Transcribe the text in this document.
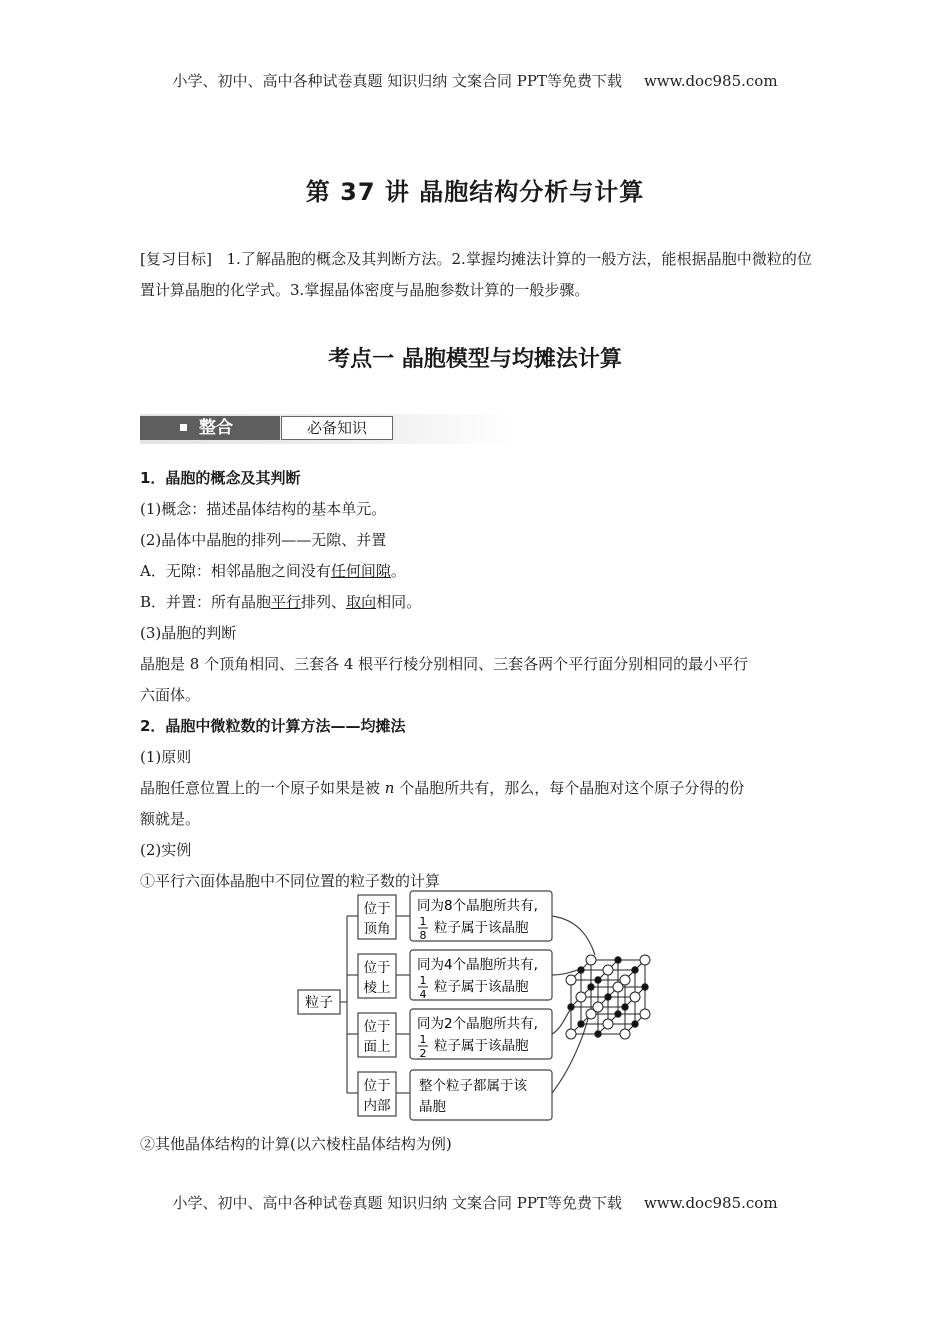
小学、初中、高中各种试卷真题 知识归纳 文案合同 PPT等免费下载 www.doc985.com
第 37 讲 晶胞结构分析与计算
[复习目标] 1.了解晶胞的概念及其判断方法。2.掌握均摊法计算的一般方法，能根据晶胞中微粒的位置计算晶胞的化学式。3.掌握晶体密度与晶胞参数计算的一般步骤。
考点一 晶胞模型与均摊法计算
整合	必备知识
1．晶胞的概念及其判断
(1)概念：描述晶体结构的基本单元。
(2)晶体中晶胞的排列——无隙、并置
A．无隙：相邻晶胞之间没有任何间隙。
B．并置：所有晶胞平行排列、取向相同。
(3)晶胞的判断
晶胞是 8 个顶角相同、三套各 4 根平行棱分别相同、三套各两个平行面分别相同的最小平行
六面体。
2．晶胞中微粒数的计算方法——均摊法
(1)原则
晶胞任意位置上的一个原子如果是被 n 个晶胞所共有，那么，每个晶胞对这个原子分得的份
额就是。
(2)实例
①平行六面体晶胞中不同位置的粒子数的计算
粒子
位于
顶角
位于
棱上
位于
面上
位于
内部
同为8个晶胞所共有,
1
8 粒子属于该晶胞
同为4个晶胞所共有,
1
4 粒子属于该晶胞
同为2个晶胞所共有,
1
2 粒子属于该晶胞
整个粒子都属于该
晶胞
②其他晶体结构的计算(以六棱柱晶体结构为例)
小学、初中、高中各种试卷真题 知识归纳 文案合同 PPT等免费下载 www.doc985.com
